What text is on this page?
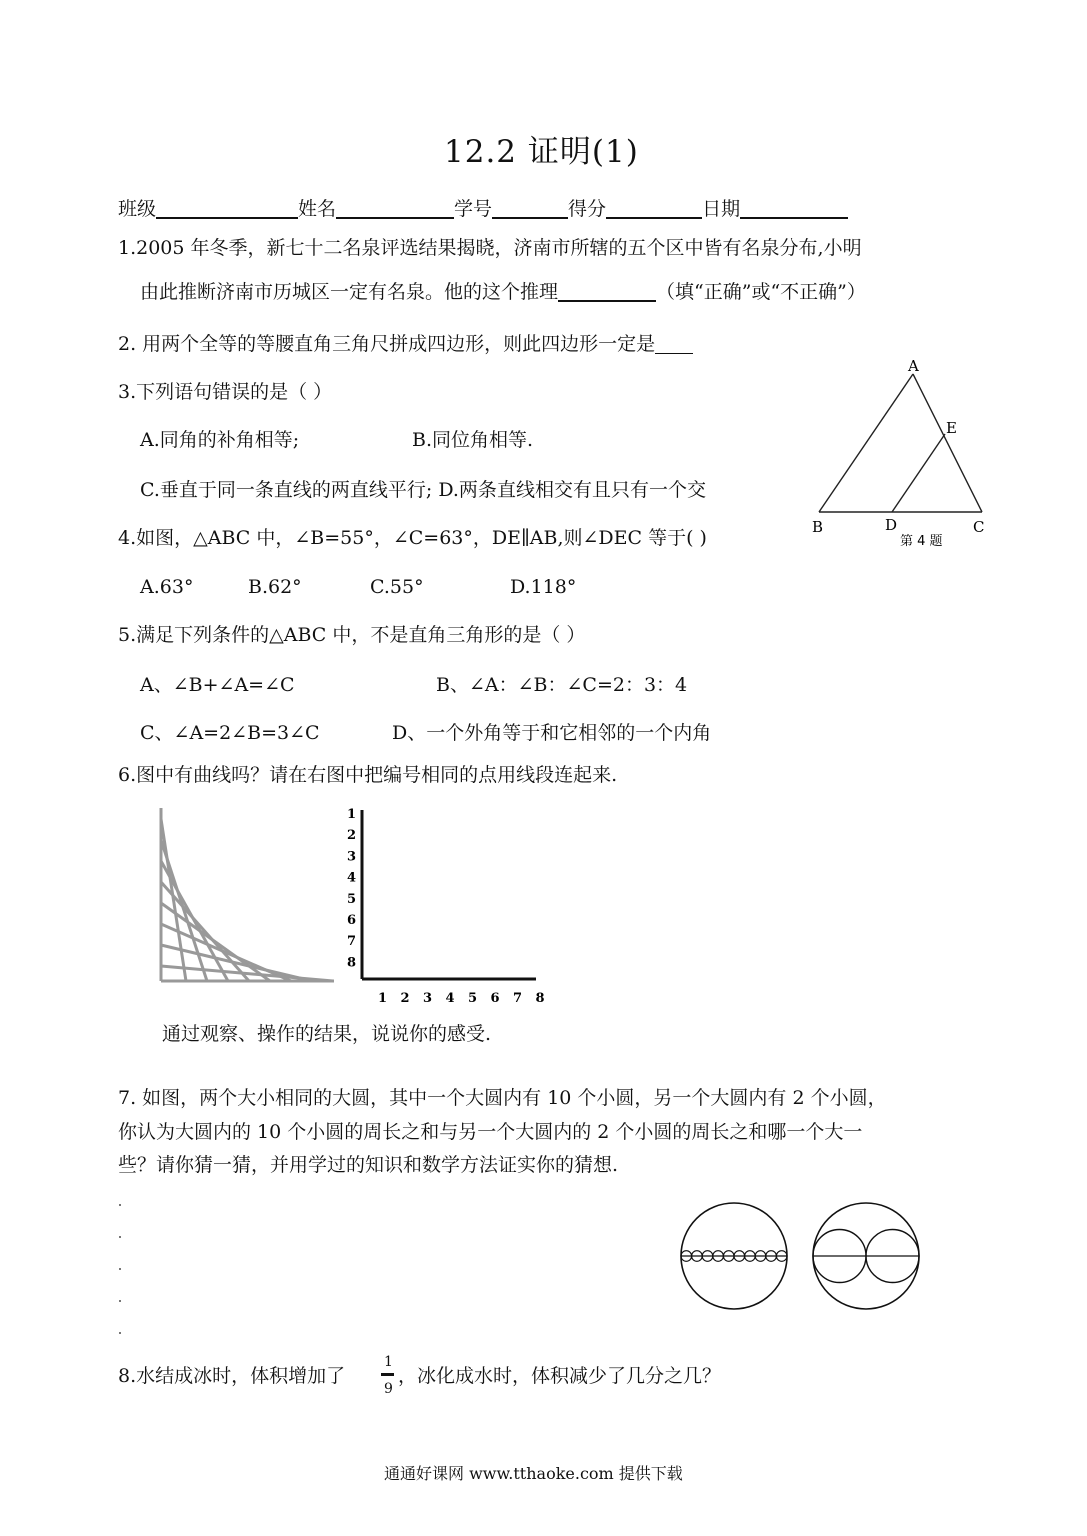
12.2 证明(1)
班级	姓名	学号	得分	日期
1.2005 年冬季，新七十二名泉评选结果揭晓，济南市所辖的五个区中皆有名泉分布,小明
由此推断济南市历城区一定有名泉。他的这个推理	（填“正确”或“不正确”）
2. 用两个全等的等腰直角三角尺拼成四边形，则此四边形一定是
3.下列语句错误的是（ ）
A.同角的补角相等;	B.同位角相等.
C.垂直于同一条直线的两直线平行; D.两条直线相交有且只有一个交
A
E
B	D	C
第 4 题
4.如图，△ABC 中，∠B=55°，∠C=63°，DE∥AB,则∠DEC 等于( )
A.63°	B.62°	C.55°	D.118°
5.满足下列条件的△ABC 中，不是直角三角形的是（ ）
A、∠B+∠A=∠C	B、∠A：∠B：∠C=2：3：4
C、∠A=2∠B=3∠C	D、一个外角等于和它相邻的一个内角
6.图中有曲线吗？请在右图中把编号相同的点用线段连起来.
1
2
3
4
5
6
7
8
1 2 3 4 5 6 7 8
通过观察、操作的结果，说说你的感受.
7. 如图，两个大小相同的大圆，其中一个大圆内有 10 个小圆，另一个大圆内有 2 个小圆，
你认为大圆内的 10 个小圆的周长之和与另一个大圆内的 2 个小圆的周长之和哪一个大一
些？请你猜一猜，并用学过的知识和数学方法证实你的猜想.
8.水结成冰时，体积增加了
1
9
，冰化成水时，体积减少了几分之几？
通通好课网 www.tthaoke.com 提供下载
